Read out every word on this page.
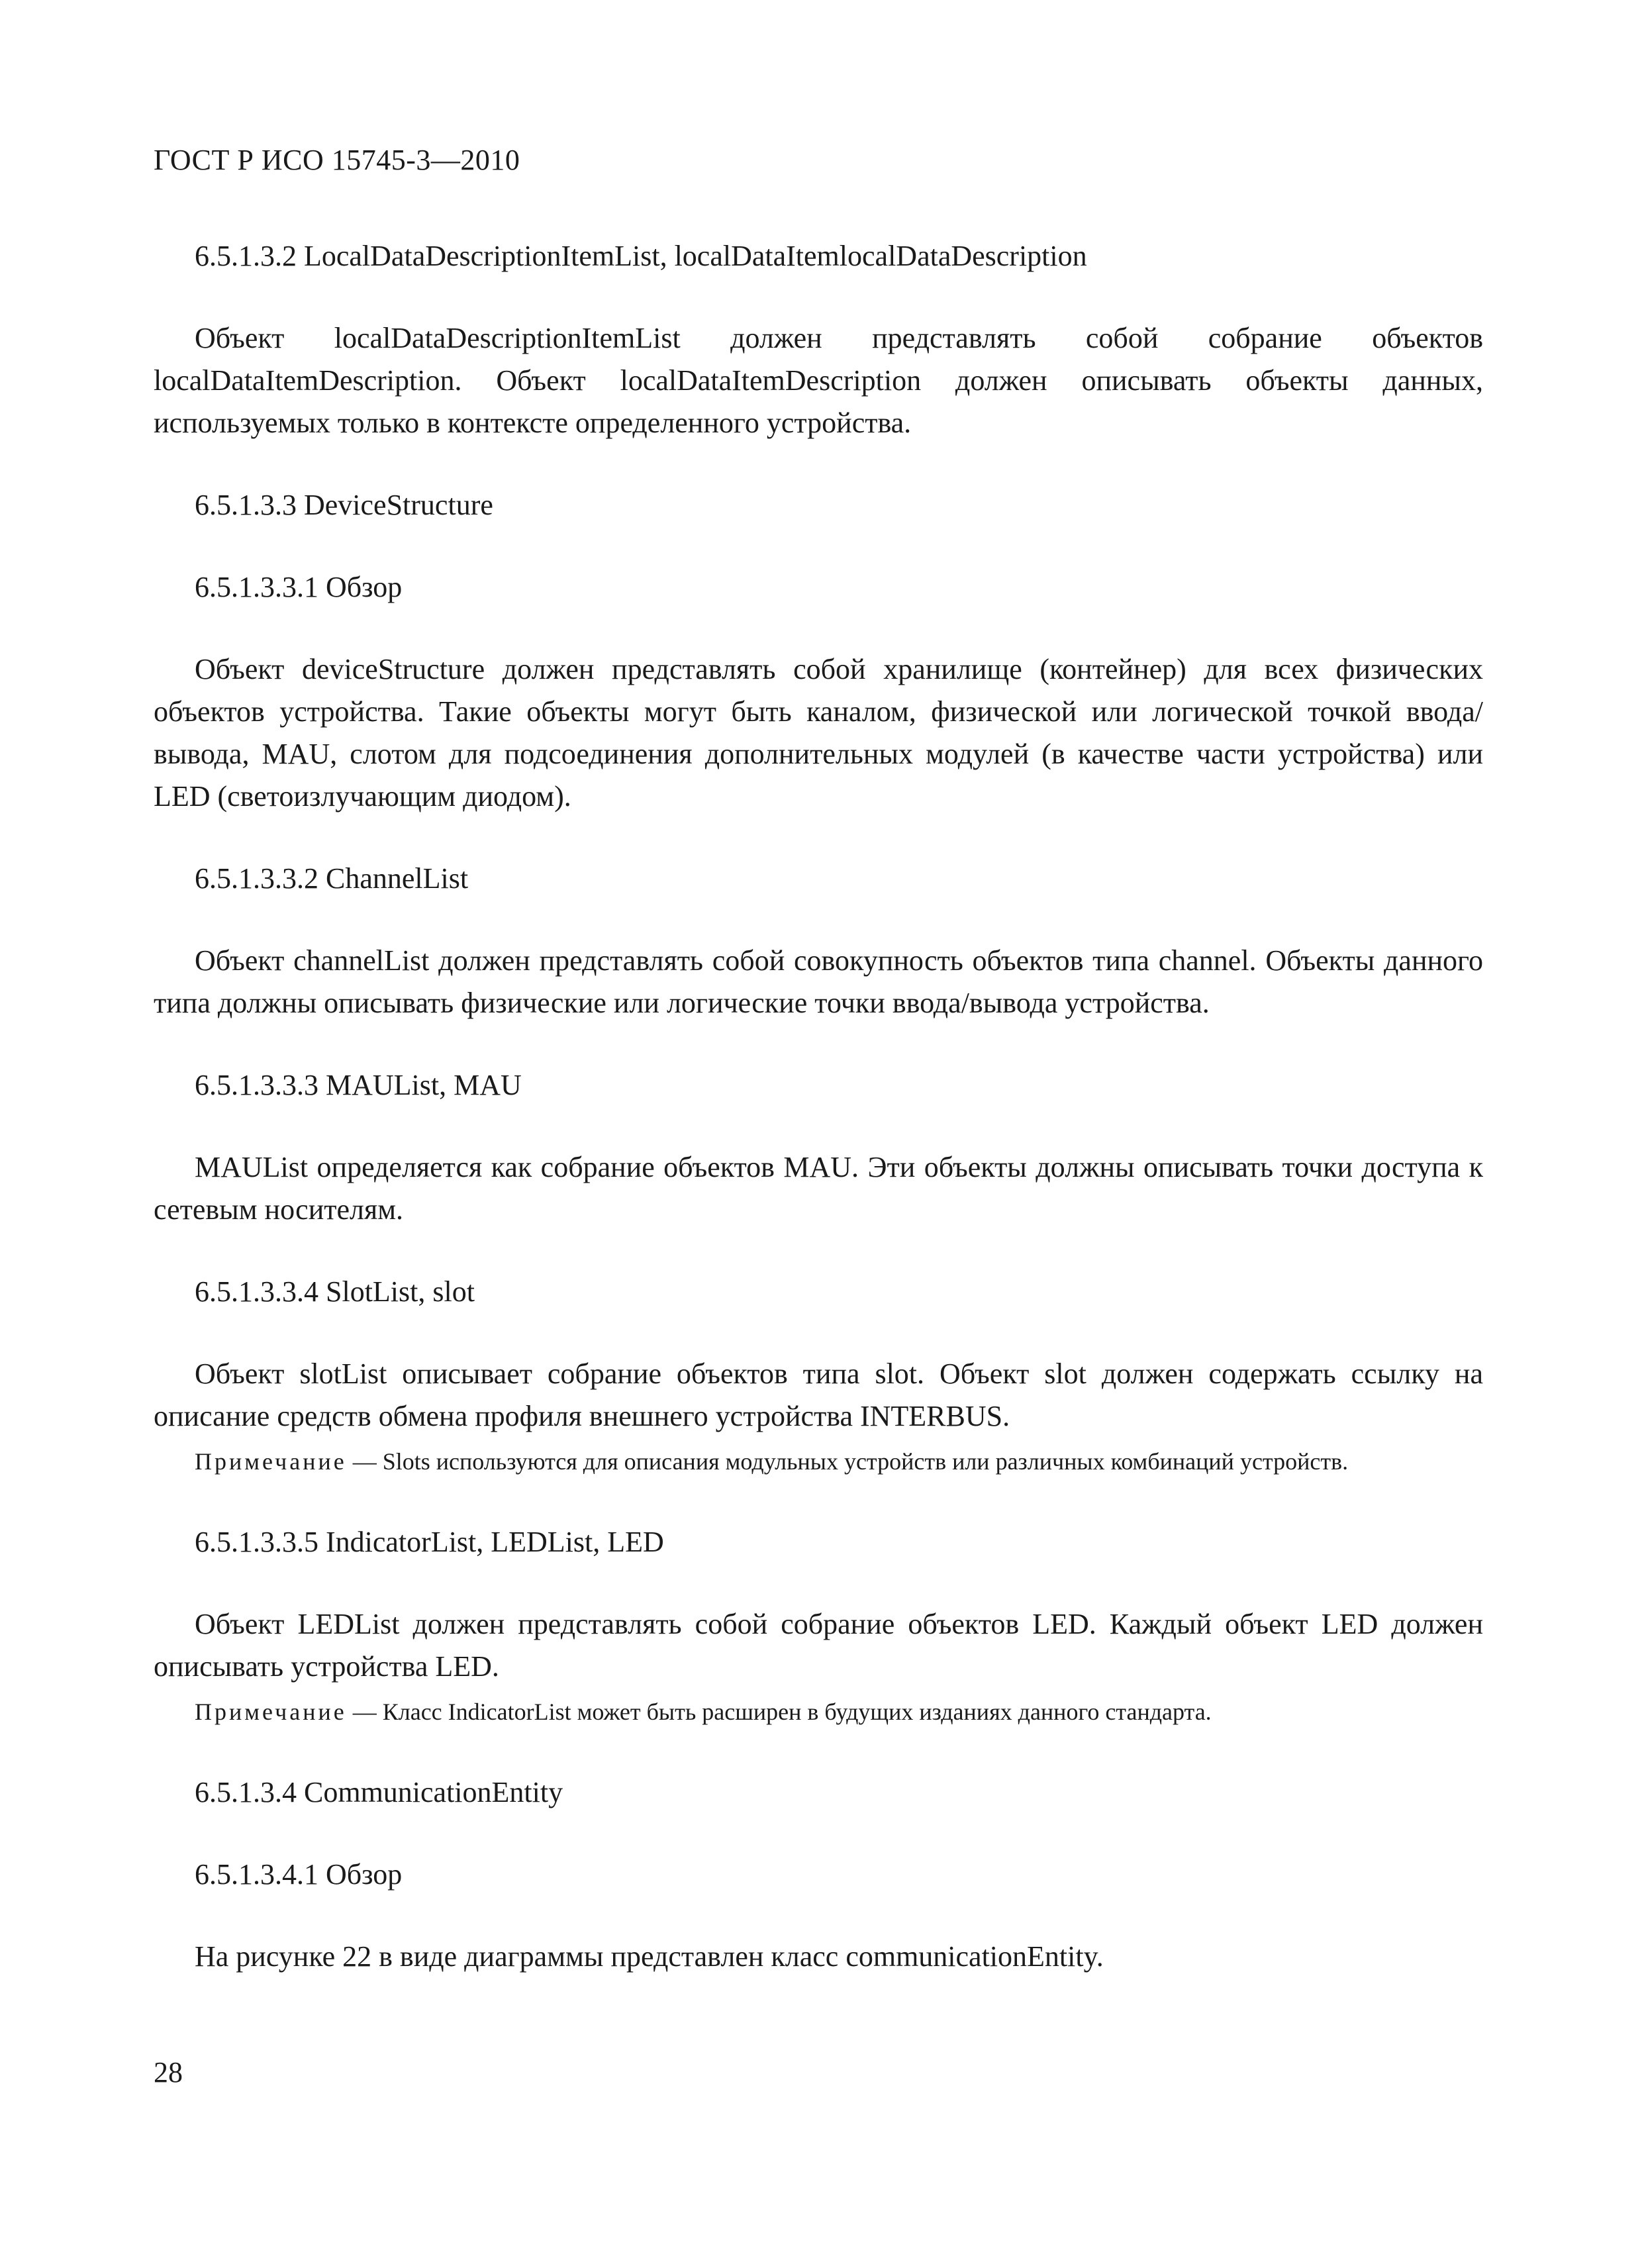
ГОСТ Р ИСО 15745-3—2010
6.5.1.3.2 LocalDataDescriptionItemList, localDataItemlocalDataDescription
Объект localDataDescriptionItemList должен представлять собой собрание объектов localDataItemDescription. Объект localDataItemDescription должен описывать объекты данных, используемых только в контексте определенного устройства.
6.5.1.3.3 DeviceStructure
6.5.1.3.3.1 Обзор
Объект deviceStructure должен представлять собой хранилище (контейнер) для всех физических объектов устройства. Такие объекты могут быть каналом, физической или логической точкой ввода/вывода, MAU, слотом для подсоединения дополнительных модулей (в качестве части устройства) или LED (светоизлучающим диодом).
6.5.1.3.3.2 ChannelList
Объект channelList должен представлять собой совокупность объектов типа channel. Объекты данного типа должны описывать физические или логические точки ввода/вывода устройства.
6.5.1.3.3.3 MAUList, MAU
MAUList определяется как собрание объектов MAU. Эти объекты должны описывать точки доступа к сетевым носителям.
6.5.1.3.3.4 SlotList, slot
Объект slotList описывает собрание объектов типа slot. Объект slot должен содержать ссылку на описание средств обмена профиля внешнего устройства INTERBUS.
Примечание — Slots используются для описания модульных устройств или различных комбинаций устройств.
6.5.1.3.3.5 IndicatorList, LEDList, LED
Объект LEDList должен представлять собой собрание объектов LED. Каждый объект LED должен описывать устройства LED.
Примечание — Класс IndicatorList может быть расширен в будущих изданиях данного стандарта.
6.5.1.3.4 CommunicationEntity
6.5.1.3.4.1 Обзор
На рисунке 22 в виде диаграммы представлен класс communicationEntity.
28
